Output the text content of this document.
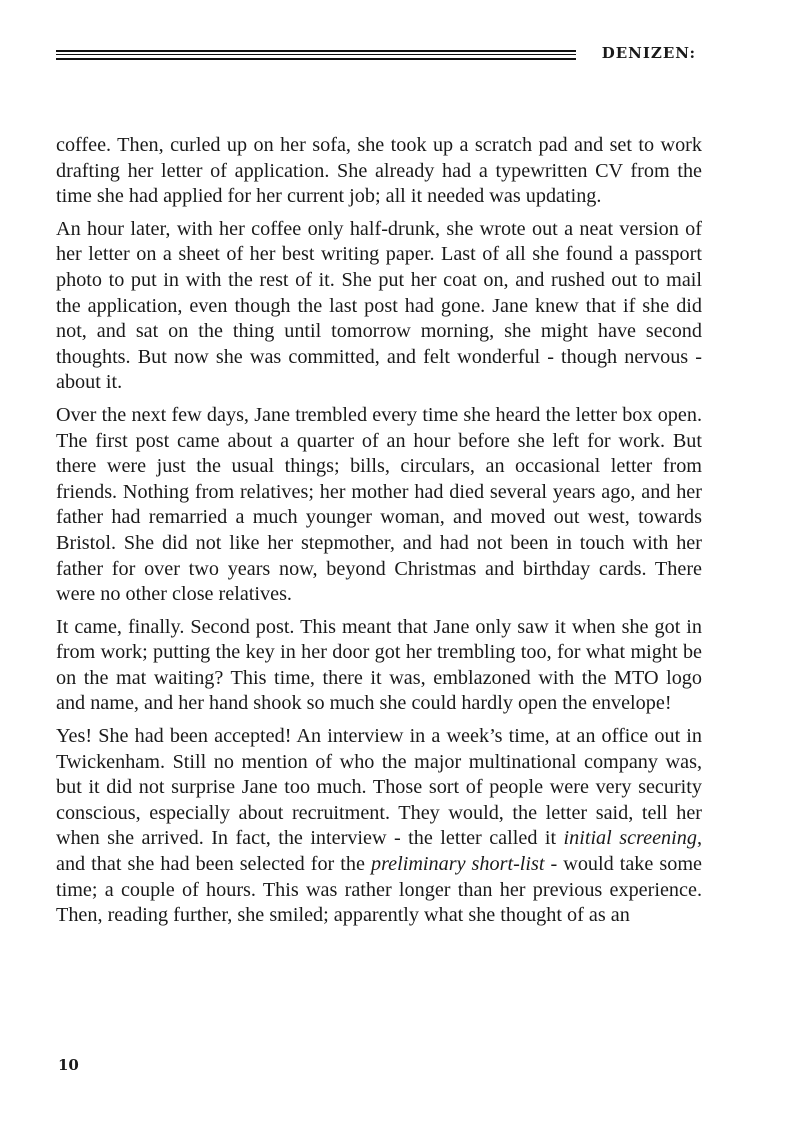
DENIZEN:

coffee. Then, curled up on her sofa, she took up a scratch pad and set to work drafting her letter of application. She already had a typewritten CV from the time she had applied for her current job; all it needed was updating.

An hour later, with her coffee only half-drunk, she wrote out a neat version of her letter on a sheet of her best writing paper. Last of all she found a passport photo to put in with the rest of it. She put her coat on, and rushed out to mail the application, even though the last post had gone. Jane knew that if she did not, and sat on the thing until tomorrow morning, she might have second thoughts. But now she was committed, and felt wonderful - though nervous - about it.

Over the next few days, Jane trembled every time she heard the letter box open. The first post came about a quarter of an hour before she left for work. But there were just the usual things; bills, circulars, an occasional letter from friends. Nothing from relatives; her mother had died several years ago, and her father had remarried a much younger woman, and moved out west, towards Bristol. She did not like her stepmother, and had not been in touch with her father for over two years now, beyond Christmas and birthday cards. There were no other close relatives.

It came, finally. Second post. This meant that Jane only saw it when she got in from work; putting the key in her door got her trembling too, for what might be on the mat waiting? This time, there it was, emblazoned with the MTO logo and name, and her hand shook so much she could hardly open the envelope!

Yes! She had been accepted! An interview in a week’s time, at an office out in Twickenham. Still no mention of who the major multinational company was, but it did not surprise Jane too much. Those sort of people were very security conscious, especially about recruitment. They would, the letter said, tell her when she arrived. In fact, the interview - the letter called it initial screening, and that she had been selected for the preliminary short-list - would take some time; a couple of hours. This was rather longer than her previous experience. Then, reading further, she smiled; apparently what she thought of as an

10
